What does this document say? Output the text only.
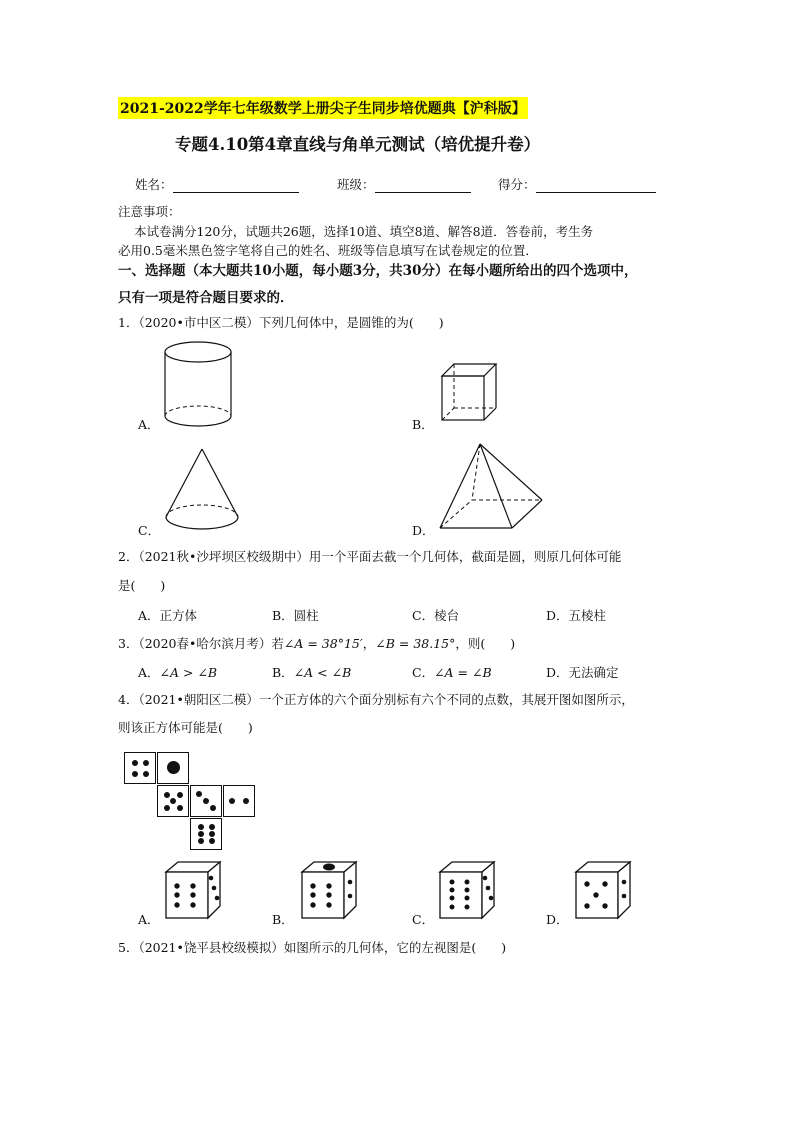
2021-2022学年七年级数学上册尖子生同步培优题典【沪科版】
专题4.10第4章直线与角单元测试（培优提升卷）
姓名：	班级：	得分：
注意事项：
本试卷满分120分，试题共26题，选择10道、填空8道、解答8道．答卷前，考生务
必用0.5毫米黑色签字笔将自己的姓名、班级等信息填写在试卷规定的位置．
一、选择题（本大题共10小题，每小题3分，共30分）在每小题所给出的四个选项中，
只有一项是符合题目要求的．
1．（2020•市中区二模）下列几何体中，是圆锥的为(　　)
A．	B．
C．	D．
2．（2021秋•沙坪坝区校级期中）用一个平面去截一个几何体，截面是圆，则原几何体可能
是(　　)
A．正方体	B．圆柱	C．棱台	D．五棱柱
3．（2020春•哈尔滨月考）若∠A = 38°15′，∠B = 38.15°，则(　　)
A．∠A > ∠B	B．∠A < ∠B	C．∠A = ∠B	D．无法确定
4．（2021•朝阳区二模）一个正方体的六个面分别标有六个不同的点数，其展开图如图所示，
则该正方体可能是(　　)
A．	B．	C．	D．
5．（2021•饶平县校级模拟）如图所示的几何体，它的左视图是(　　)
